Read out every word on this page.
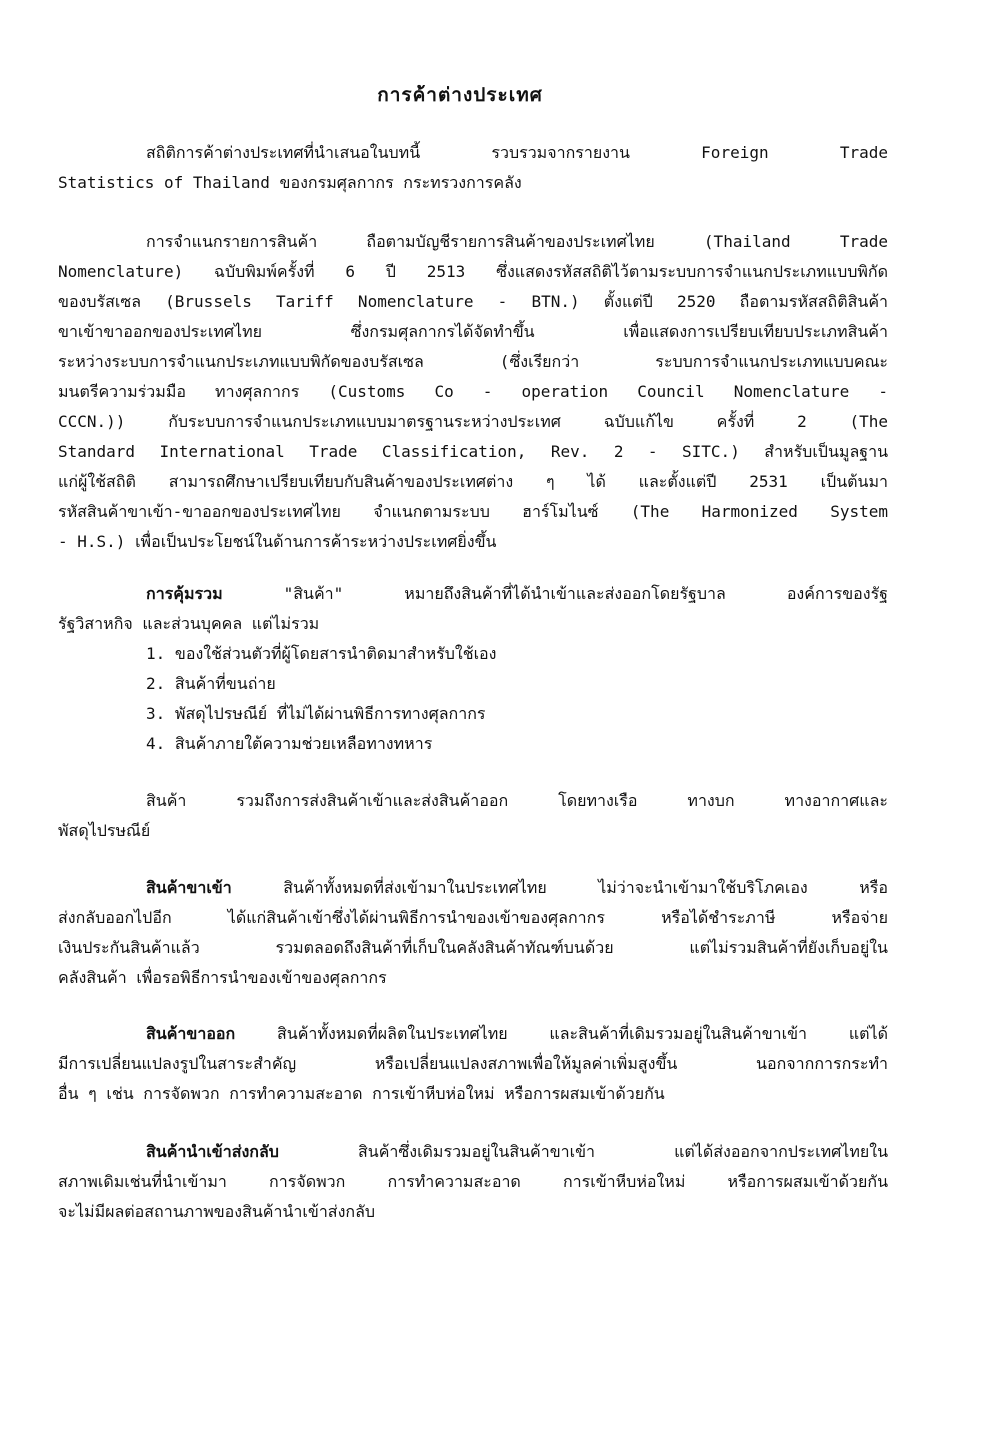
การค้าต่างประเทศ
สถิติการค้าต่างประเทศที่นำเสนอในบทนี้ รวบรวมจากรายงาน Foreign Trade
Statistics of Thailand ของกรมศุลกากร กระทรวงการคลัง
การจำแนกรายการสินค้า ถือตามบัญชีรายการสินค้าของประเทศไทย (Thailand Trade
Nomenclature) ฉบับพิมพ์ครั้งที่ 6 ปี 2513 ซึ่งแสดงรหัสสถิติไว้ตามระบบการจำแนกประเภทแบบพิกัด
ของบรัสเซล (Brussels Tariff Nomenclature - BTN.) ตั้งแต่ปี 2520 ถือตามรหัสสถิติสินค้า
ขาเข้าขาออกของประเทศไทย ซึ่งกรมศุลกากรได้จัดทำขึ้น เพื่อแสดงการเปรียบเทียบประเภทสินค้า
ระหว่างระบบการจำแนกประเภทแบบพิกัดของบรัสเซล (ซึ่งเรียกว่า ระบบการจำแนกประเภทแบบคณะ
มนตรีความร่วมมือ ทางศุลกากร (Customs Co - operation Council Nomenclature -
CCCN.)) กับระบบการจำแนกประเภทแบบมาตรฐานระหว่างประเทศ ฉบับแก้ไข ครั้งที่ 2 (The
Standard International Trade Classification, Rev. 2 - SITC.) สำหรับเป็นมูลฐาน
แก่ผู้ใช้สถิติ สามารถศึกษาเปรียบเทียบกับสินค้าของประเทศต่าง ๆ ได้ และตั้งแต่ปี 2531 เป็นต้นมา
รหัสสินค้าขาเข้า-ขาออกของประเทศไทย จำแนกตามระบบ ฮาร์โมไนซ์ (The Harmonized System
- H.S.) เพื่อเป็นประโยชน์ในด้านการค้าระหว่างประเทศยิ่งขึ้น
การคุ้มรวม "สินค้า" หมายถึงสินค้าที่ได้นำเข้าและส่งออกโดยรัฐบาล องค์การของรัฐ
รัฐวิสาหกิจ และส่วนบุคคล แต่ไม่รวม
1. ของใช้ส่วนตัวที่ผู้โดยสารนำติดมาสำหรับใช้เอง
2. สินค้าที่ขนถ่าย
3. พัสดุไปรษณีย์ ที่ไม่ได้ผ่านพิธีการทางศุลกากร
4. สินค้าภายใต้ความช่วยเหลือทางทหาร
สินค้า รวมถึงการส่งสินค้าเข้าและส่งสินค้าออก โดยทางเรือ ทางบก ทางอากาศและ
พัสดุไปรษณีย์
สินค้าขาเข้า สินค้าทั้งหมดที่ส่งเข้ามาในประเทศไทย ไม่ว่าจะนำเข้ามาใช้บริโภคเอง หรือ
ส่งกลับออกไปอีก ได้แก่สินค้าเข้าซึ่งได้ผ่านพิธีการนำของเข้าของศุลกากร หรือได้ชำระภาษี หรือจ่าย
เงินประกันสินค้าแล้ว รวมตลอดถึงสินค้าที่เก็บในคลังสินค้าทัณฑ์บนด้วย แต่ไม่รวมสินค้าที่ยังเก็บอยู่ใน
คลังสินค้า เพื่อรอพิธีการนำของเข้าของศุลกากร
สินค้าขาออก สินค้าทั้งหมดที่ผลิตในประเทศไทย และสินค้าที่เดิมรวมอยู่ในสินค้าขาเข้า แต่ได้
มีการเปลี่ยนแปลงรูปในสาระสำคัญ หรือเปลี่ยนแปลงสภาพเพื่อให้มูลค่าเพิ่มสูงขึ้น นอกจากการกระทำ
อื่น ๆ เช่น การจัดพวก การทำความสะอาด การเข้าหีบห่อใหม่ หรือการผสมเข้าด้วยกัน
สินค้านำเข้าส่งกลับ สินค้าซึ่งเดิมรวมอยู่ในสินค้าขาเข้า แต่ได้ส่งออกจากประเทศไทยใน
สภาพเดิมเช่นที่นำเข้ามา การจัดพวก การทำความสะอาด การเข้าหีบห่อใหม่ หรือการผสมเข้าด้วยกัน
จะไม่มีผลต่อสถานภาพของสินค้านำเข้าส่งกลับ
